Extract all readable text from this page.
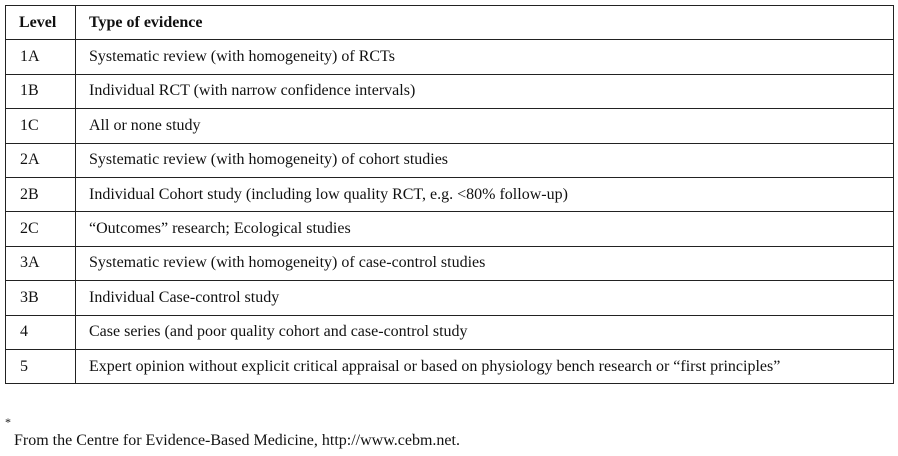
Level	Type of evidence
1A	Systematic review (with homogeneity) of RCTs
1B	Individual RCT (with narrow confidence intervals)
1C	All or none study
2A	Systematic review (with homogeneity) of cohort studies
2B	Individual Cohort study (including low quality RCT, e.g. <80% follow-up)
2C	“Outcomes” research; Ecological studies
3A	Systematic review (with homogeneity) of case-control studies
3B	Individual Case-control study
4	Case series (and poor quality cohort and case-control study
5	Expert opinion without explicit critical appraisal or based on physiology bench research or “first principles”
*
From the Centre for Evidence-Based Medicine, http://www.cebm.net.
